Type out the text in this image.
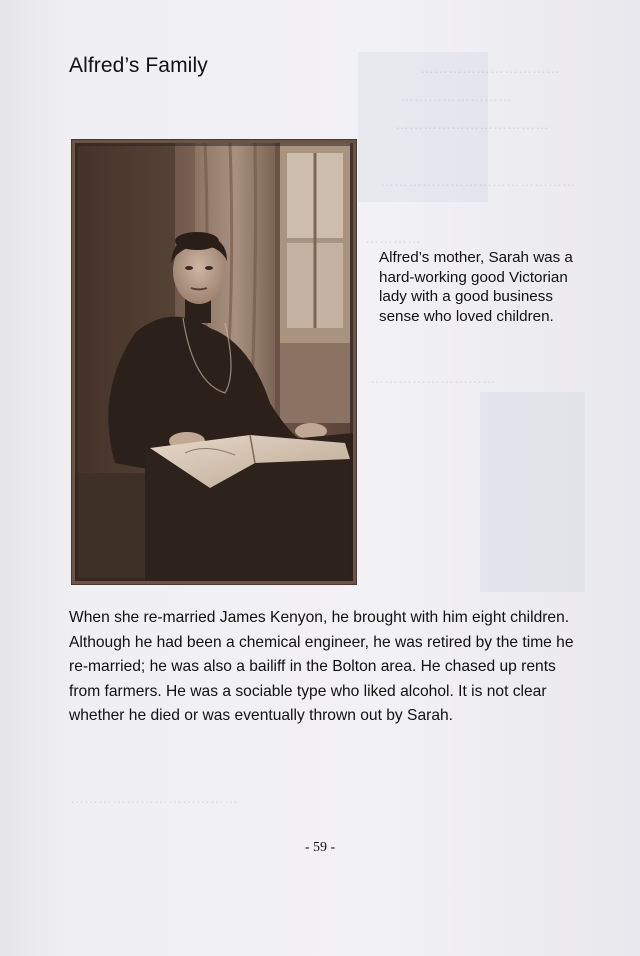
…………………………
……………………
……………………………
……………………………………
…………
………………………
………………………………
Alfred’s Family
Alfred’s mother, Sarah was a hard-working good Victorian lady with a good business sense who loved children.
When she re-married James Kenyon, he brought with him eight children. Although he had been a chemical engineer, he was retired by the time he re-married; he was also a bailiff in the Bolton area. He chased up rents from farmers. He was a sociable type who liked alcohol. It is not clear whether he died or was eventually thrown out by Sarah.
- 59 -
